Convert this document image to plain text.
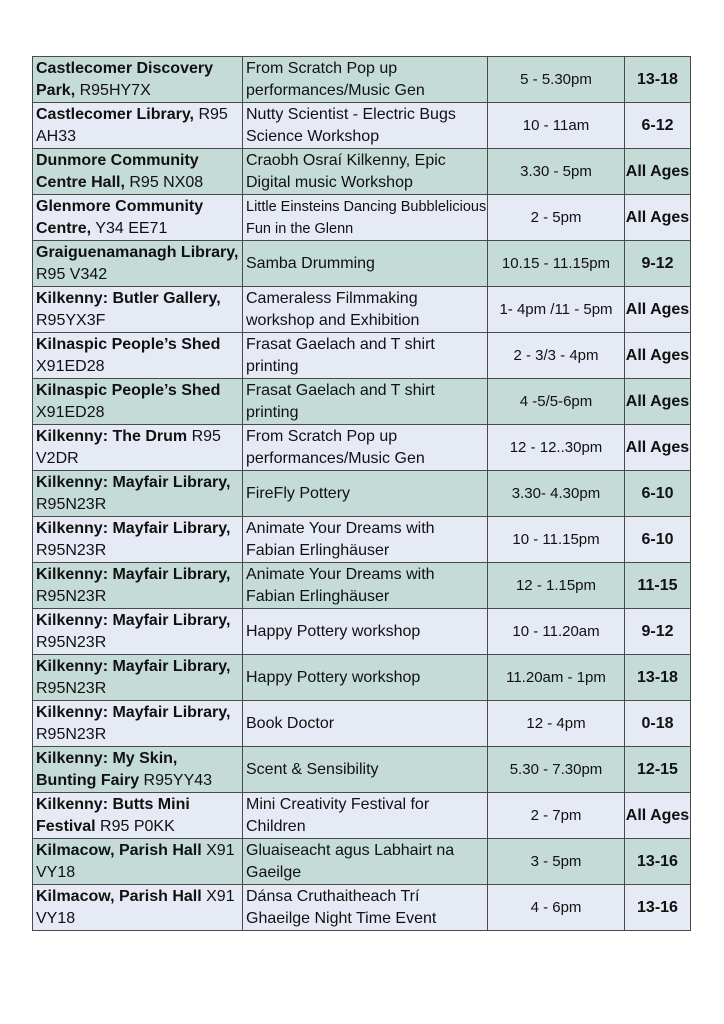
Castlecomer Discovery Park, R95HY7X	From Scratch Pop up performances/Music Gen	5 - 5.30pm	13-18
Castlecomer Library, R95 AH33	Nutty Scientist - Electric Bugs Science Workshop	10 - 11am	6-12
Dunmore Community Centre Hall, R95 NX08	Craobh Osraí Kilkenny, Epic Digital music Workshop	3.30 - 5pm	All Ages
Glenmore Community Centre, Y34 EE71	Little Einsteins Dancing Bubblelicious Fun in the Glenn	2 - 5pm	All Ages
Graiguenamanagh Library, R95 V342	Samba Drumming	10.15 - 11.15pm	9-12
Kilkenny: Butler Gallery, R95YX3F	Cameraless Filmmaking workshop and Exhibition	1- 4pm /11 - 5pm	All Ages
Kilnaspic People’s Shed X91ED28	Frasat Gaelach and T shirt printing	2 - 3/3 - 4pm	All Ages
Kilnaspic People’s Shed X91ED28	Frasat Gaelach and T shirt printing	4 -5/5-6pm	All Ages
Kilkenny: The Drum R95 V2DR	From Scratch Pop up performances/Music Gen	12 - 12..30pm	All Ages
Kilkenny: Mayfair Library, R95N23R	FireFly Pottery	3.30- 4.30pm	6-10
Kilkenny: Mayfair Library, R95N23R	Animate Your Dreams with Fabian Erlinghäuser	10 - 11.15pm	6-10
Kilkenny: Mayfair Library, R95N23R	Animate Your Dreams with Fabian Erlinghäuser	12 - 1.15pm	11-15
Kilkenny: Mayfair Library, R95N23R	Happy Pottery workshop	10 - 11.20am	9-12
Kilkenny: Mayfair Library, R95N23R	Happy Pottery workshop	11.20am - 1pm	13-18
Kilkenny: Mayfair Library, R95N23R	Book Doctor	12 - 4pm	0-18
Kilkenny: My Skin, Bunting Fairy R95YY43	Scent & Sensibility	5.30 - 7.30pm	12-15
Kilkenny: Butts Mini Festival R95 P0KK	Mini Creativity Festival for Children	2 - 7pm	All Ages
Kilmacow, Parish Hall X91 VY18	Gluaiseacht agus Labhairt na Gaeilge	3 - 5pm	13-16
Kilmacow, Parish Hall X91 VY18	Dánsa Cruthaitheach Trí Ghaeilge Night Time Event	4 - 6pm	13-16
